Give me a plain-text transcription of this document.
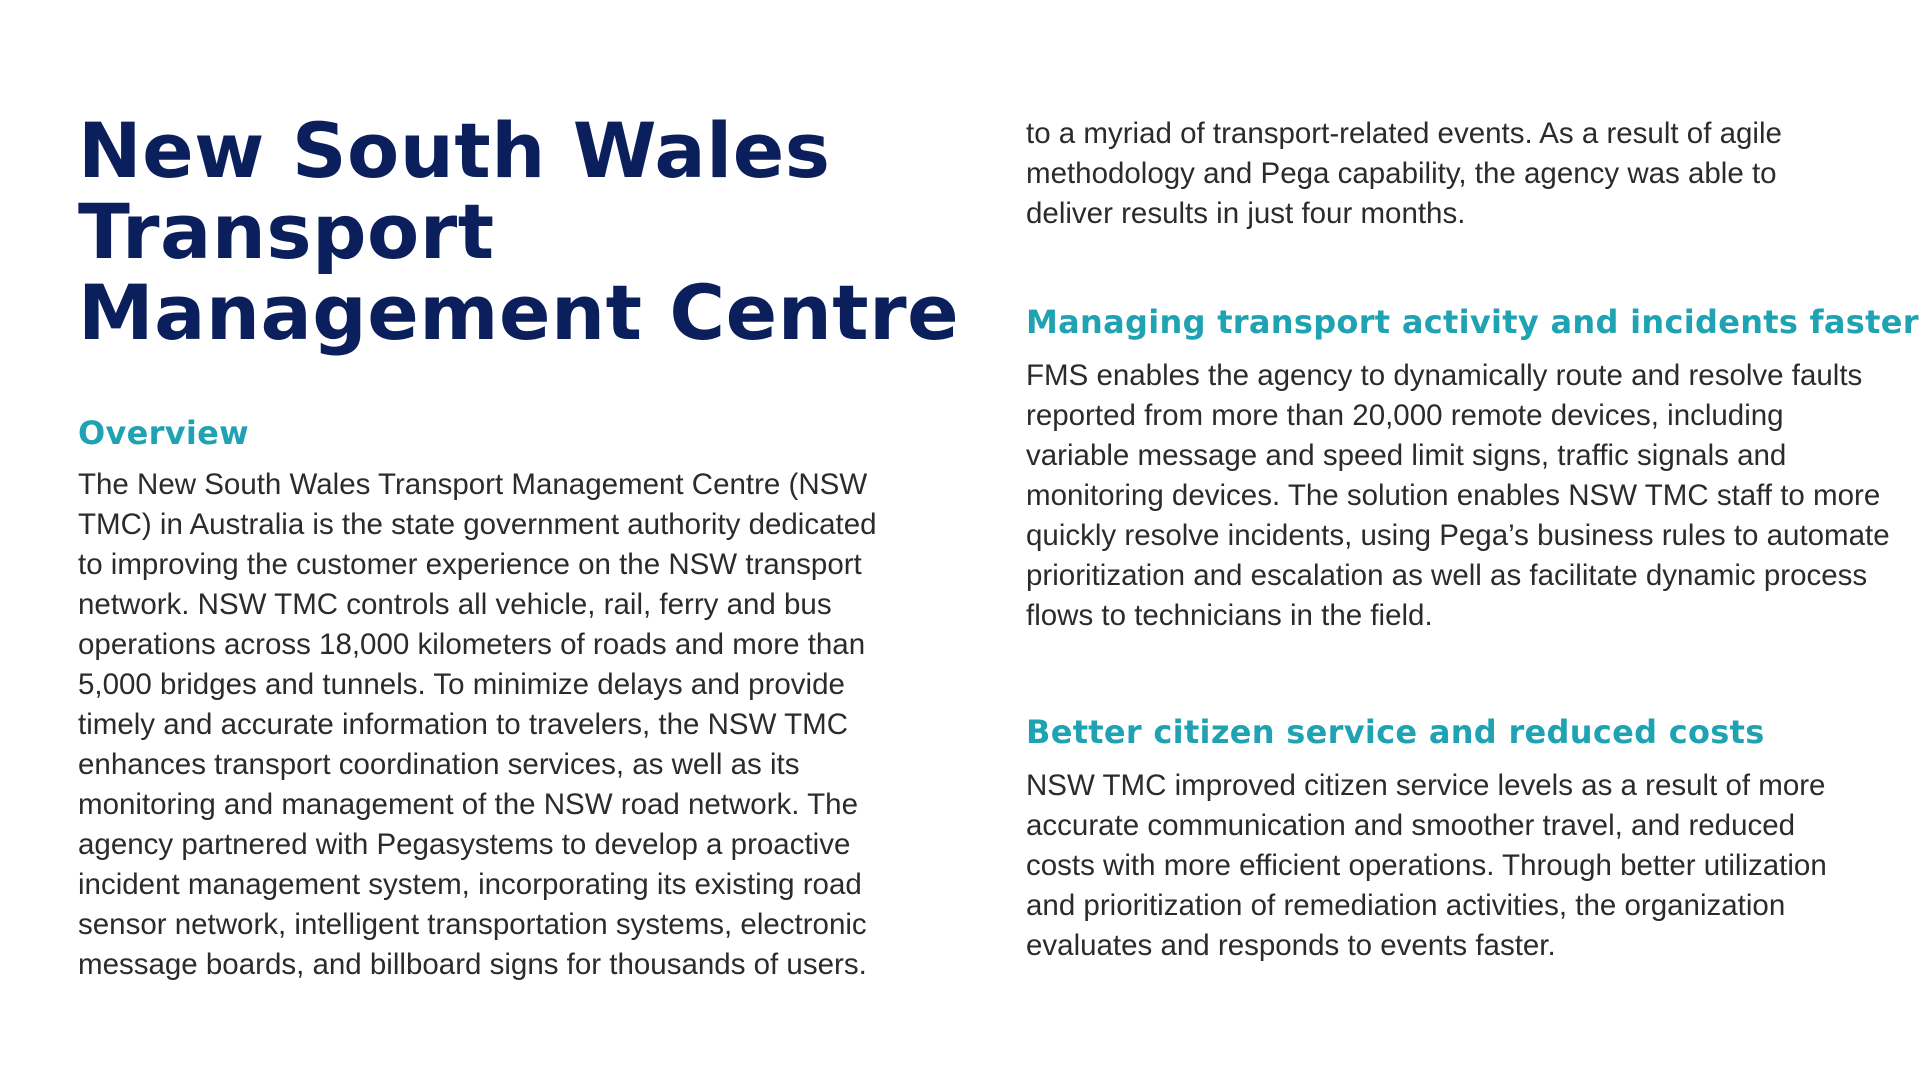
New South Wales
Transport
Management Centre
Overview

The New South Wales Transport Management Centre (NSW
TMC) in Australia is the state government authority dedicated
to improving the customer experience on the NSW transport
network. NSW TMC controls all vehicle, rail, ferry and bus
operations across 18,000 kilometers of roads and more than
5,000 bridges and tunnels. To minimize delays and provide
timely and accurate information to travelers, the NSW TMC
enhances transport coordination services, as well as its
monitoring and management of the NSW road network. The
agency partnered with Pegasystems to develop a proactive
incident management system, incorporating its existing road
sensor network, intelligent transportation systems, electronic
message boards, and billboard signs for thousands of users.

to a myriad of transport-related events. As a result of agile
methodology and Pega capability, the agency was able to
deliver results in just four months.

Managing transport activity and incidents faster

FMS enables the agency to dynamically route and resolve faults
reported from more than 20,000 remote devices, including
variable message and speed limit signs, traffic signals and
monitoring devices. The solution enables NSW TMC staff to more
quickly resolve incidents, using Pega’s business rules to automate
prioritization and escalation as well as facilitate dynamic process
flows to technicians in the field.

Better citizen service and reduced costs

NSW TMC improved citizen service levels as a result of more
accurate communication and smoother travel, and reduced
costs with more efficient operations. Through better utilization
and prioritization of remediation activities, the organization
evaluates and responds to events faster.
